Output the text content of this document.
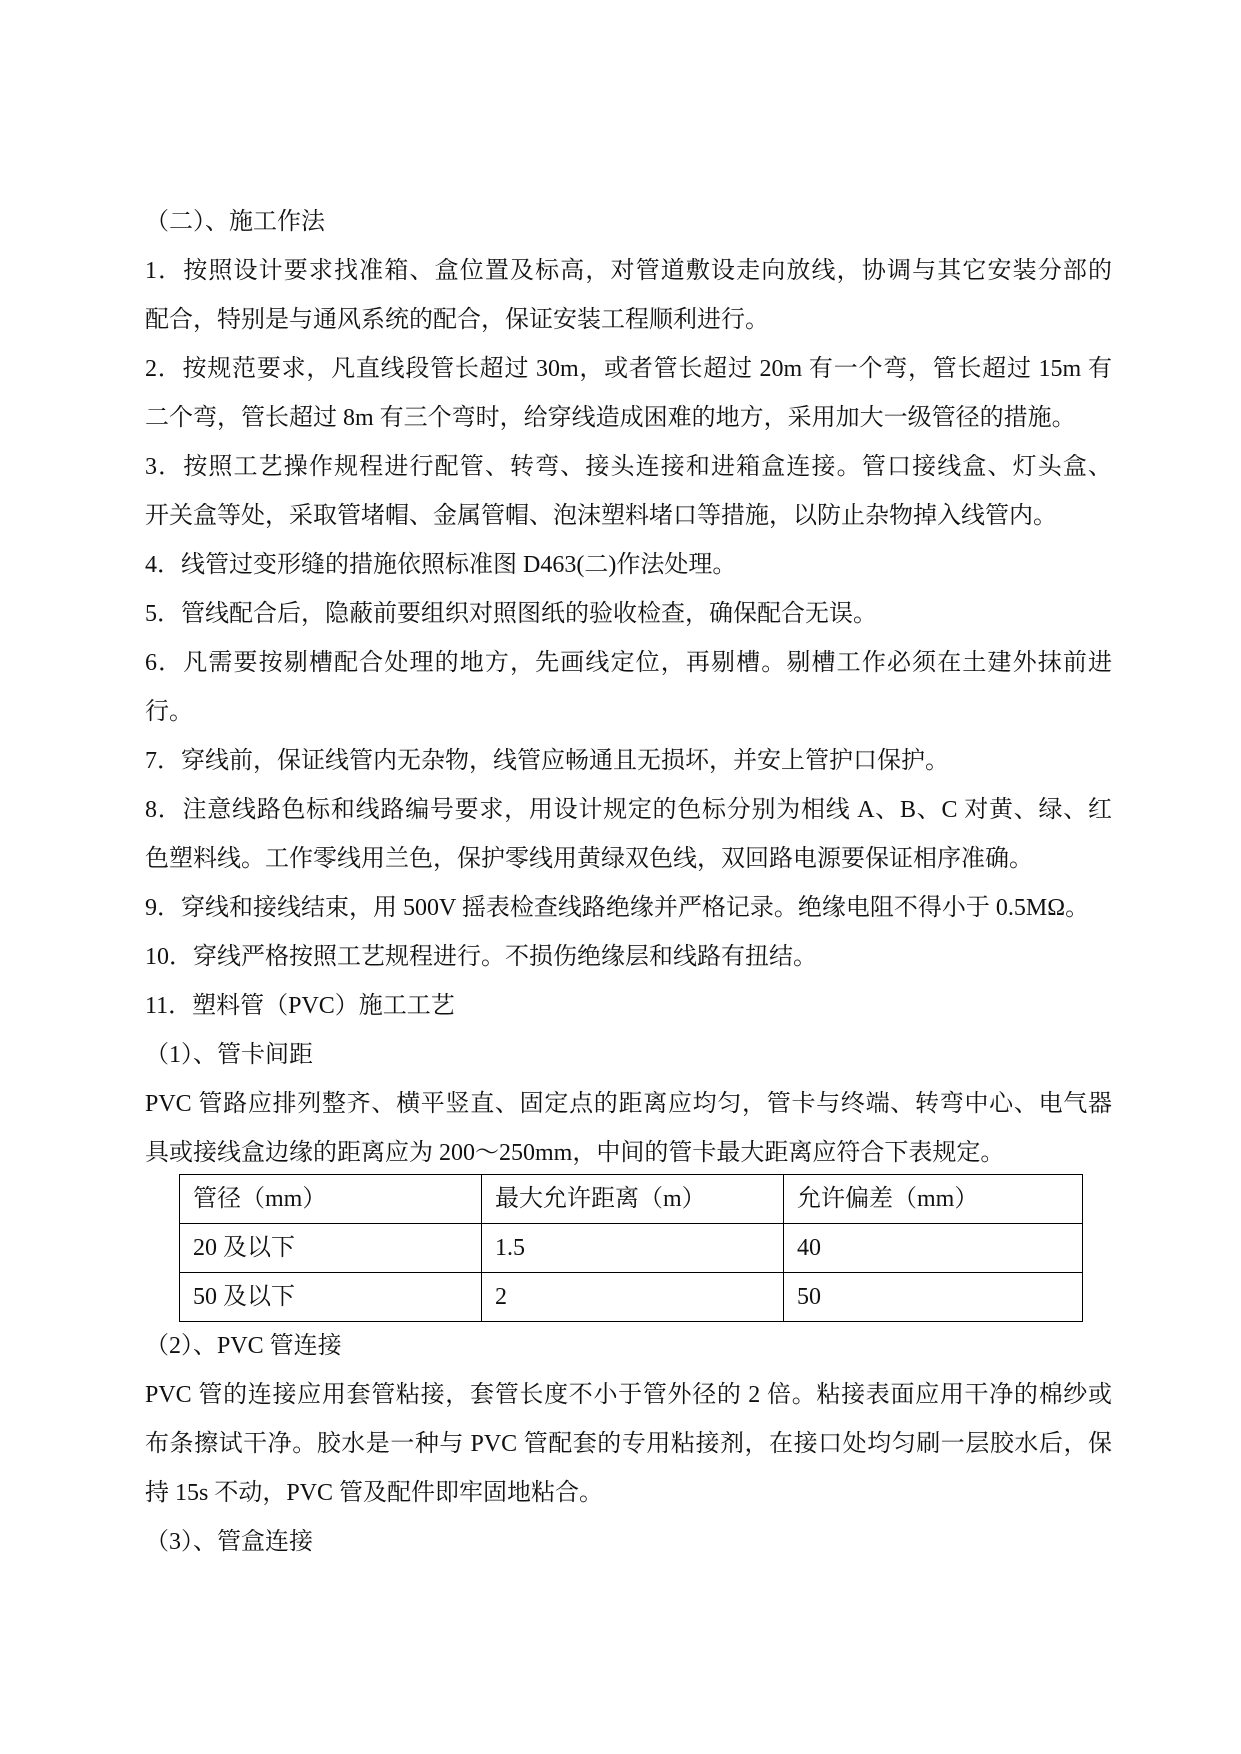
（二）、施工作法
1．按照设计要求找准箱、盒位置及标高，对管道敷设走向放线，协调与其它安装分部的
配合，特别是与通风系统的配合，保证安装工程顺利进行。
2．按规范要求，凡直线段管长超过 30m，或者管长超过 20m 有一个弯，管长超过 15m 有
二个弯，管长超过 8m 有三个弯时，给穿线造成困难的地方，采用加大一级管径的措施。
3．按照工艺操作规程进行配管、转弯、接头连接和进箱盒连接。管口接线盒、灯头盒、
开关盒等处，采取管堵帽、金属管帽、泡沫塑料堵口等措施，以防止杂物掉入线管内。
4．线管过变形缝的措施依照标准图 D463(二)作法处理。
5．管线配合后，隐蔽前要组织对照图纸的验收检查，确保配合无误。
6．凡需要按剔槽配合处理的地方，先画线定位，再剔槽。剔槽工作必须在土建外抹前进
行。
7．穿线前，保证线管内无杂物，线管应畅通且无损坏，并安上管护口保护。
8．注意线路色标和线路编号要求，用设计规定的色标分别为相线 A、B、C 对黄、绿、红
色塑料线。工作零线用兰色，保护零线用黄绿双色线，双回路电源要保证相序准确。
9．穿线和接线结束，用 500V 摇表检查线路绝缘并严格记录。绝缘电阻不得小于 0.5MΩ。
10．穿线严格按照工艺规程进行。不损伤绝缘层和线路有扭结。
11．塑料管（PVC）施工工艺
（1）、管卡间距
PVC 管路应排列整齐、横平竖直、固定点的距离应均匀，管卡与终端、转弯中心、电气器
具或接线盒边缘的距离应为 200～250mm，中间的管卡最大距离应符合下表规定。
管径（mm）	最大允许距离（m）	允许偏差（mm）
20 及以下	1.5	40
50 及以下	2	50
（2）、PVC 管连接
PVC 管的连接应用套管粘接，套管长度不小于管外径的 2 倍。粘接表面应用干净的棉纱或
布条擦试干净。胶水是一种与 PVC 管配套的专用粘接剂，在接口处均匀刷一层胶水后，保
持 15s 不动，PVC 管及配件即牢固地粘合。
（3）、管盒连接
